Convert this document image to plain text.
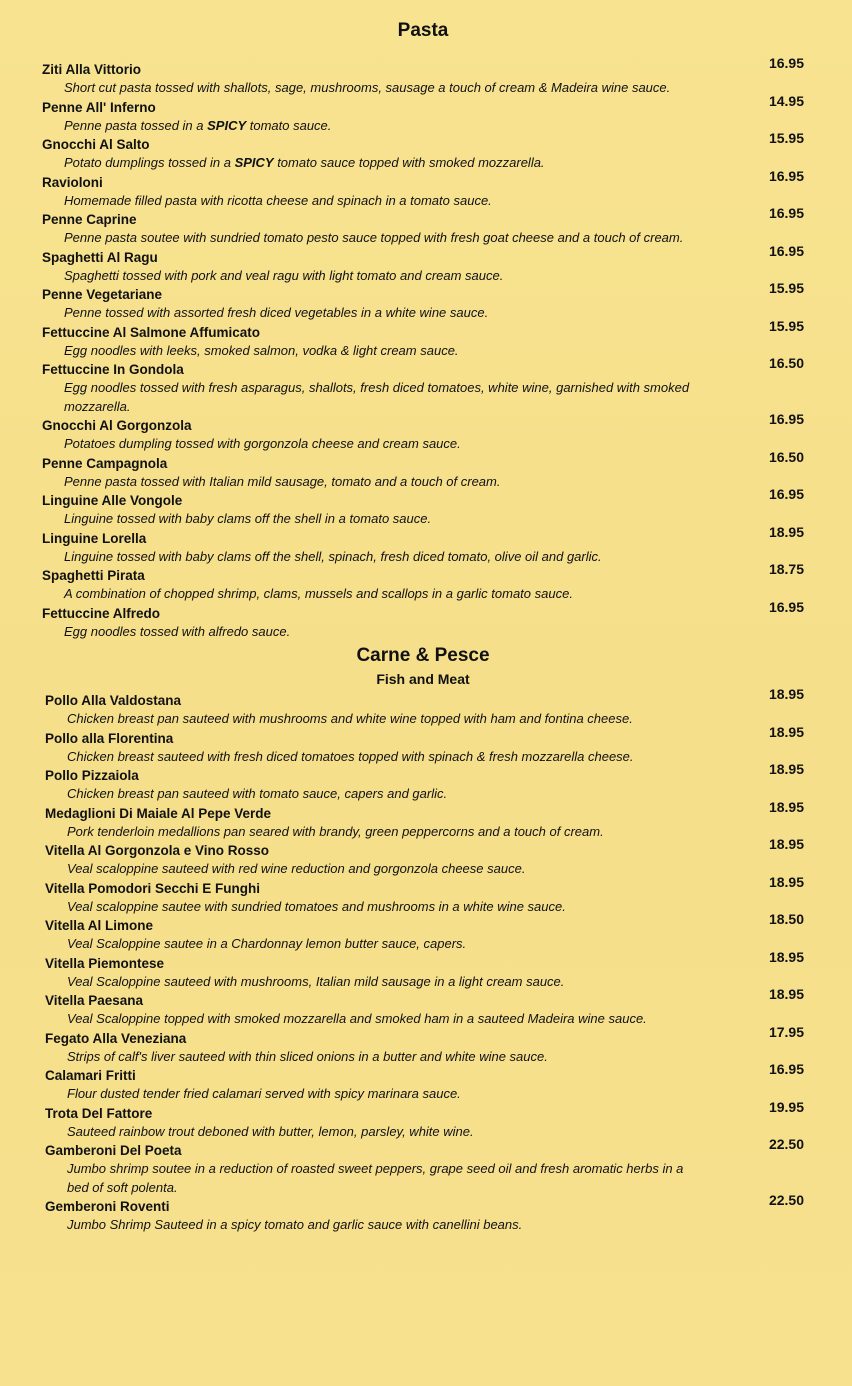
Pasta
16.95
Ziti Alla Vittorio
Short cut pasta tossed with shallots, sage, mushrooms, sausage a touch of cream & Madeira wine sauce.
14.95
Penne All' Inferno
Penne pasta tossed in a SPICY tomato sauce.
15.95
Gnocchi Al Salto
Potato dumplings tossed in a SPICY tomato sauce topped with smoked mozzarella.
16.95
Ravioloni
Homemade filled pasta with ricotta cheese and spinach in a tomato sauce.
16.95
Penne Caprine
Penne pasta soutee with sundried tomato pesto sauce topped with fresh goat cheese and a touch of cream.
16.95
Spaghetti Al Ragu
Spaghetti tossed with pork and veal ragu with light tomato and cream sauce.
15.95
Penne Vegetariane
Penne tossed with assorted fresh diced vegetables in a white wine sauce.
15.95
Fettuccine Al Salmone Affumicato
Egg noodles with leeks, smoked salmon, vodka & light cream sauce.
16.50
Fettuccine In Gondola
Egg noodles tossed with fresh asparagus, shallots, fresh diced tomatoes, white wine, garnished with smoked mozzarella.
16.95
Gnocchi Al Gorgonzola
Potatoes dumpling tossed with gorgonzola cheese and cream sauce.
16.50
Penne Campagnola
Penne pasta tossed with Italian mild sausage, tomato and a touch of cream.
16.95
Linguine Alle Vongole
Linguine tossed with baby clams off the shell in a tomato sauce.
18.95
Linguine Lorella
Linguine tossed with baby clams off the shell, spinach, fresh diced tomato, olive oil and garlic.
18.75
Spaghetti Pirata
A combination of chopped shrimp, clams, mussels and scallops in a garlic tomato sauce.
16.95
Fettuccine Alfredo
Egg noodles tossed with alfredo sauce.
Carne & Pesce
Fish and Meat
18.95
Pollo Alla Valdostana
Chicken breast pan sauteed with mushrooms and white wine topped with ham and fontina cheese.
18.95
Pollo alla Florentina
Chicken breast sauteed with fresh diced tomatoes topped with spinach & fresh mozzarella cheese.
18.95
Pollo Pizzaiola
Chicken breast pan sauteed with tomato sauce, capers and garlic.
18.95
Medaglioni Di Maiale Al Pepe Verde
Pork tenderloin medallions pan seared with brandy, green peppercorns and a touch of cream.
18.95
Vitella Al Gorgonzola e Vino Rosso
Veal scaloppine sauteed with red wine reduction and gorgonzola cheese sauce.
18.95
Vitella Pomodori Secchi E Funghi
Veal scaloppine sautee with sundried tomatoes and mushrooms in a white wine sauce.
18.50
Vitella Al Limone
Veal Scaloppine sautee in a Chardonnay lemon butter sauce, capers.
18.95
Vitella Piemontese
Veal Scaloppine sauteed with mushrooms, Italian mild sausage in a light cream sauce.
18.95
Vitella Paesana
Veal Scaloppine topped with smoked mozzarella and smoked ham in a sauteed Madeira wine sauce.
17.95
Fegato Alla Veneziana
Strips of calf's liver sauteed with thin sliced onions in a butter and white wine sauce.
16.95
Calamari Fritti
Flour dusted tender fried calamari served with spicy marinara sauce.
19.95
Trota Del Fattore
Sauteed rainbow trout deboned with butter, lemon, parsley, white wine.
22.50
Gamberoni Del Poeta
Jumbo shrimp soutee in a reduction of roasted sweet peppers, grape seed oil and fresh aromatic herbs in a bed of soft polenta.
22.50
Gemberoni Roventi
Jumbo Shrimp Sauteed in a spicy tomato and garlic sauce with canellini beans.
